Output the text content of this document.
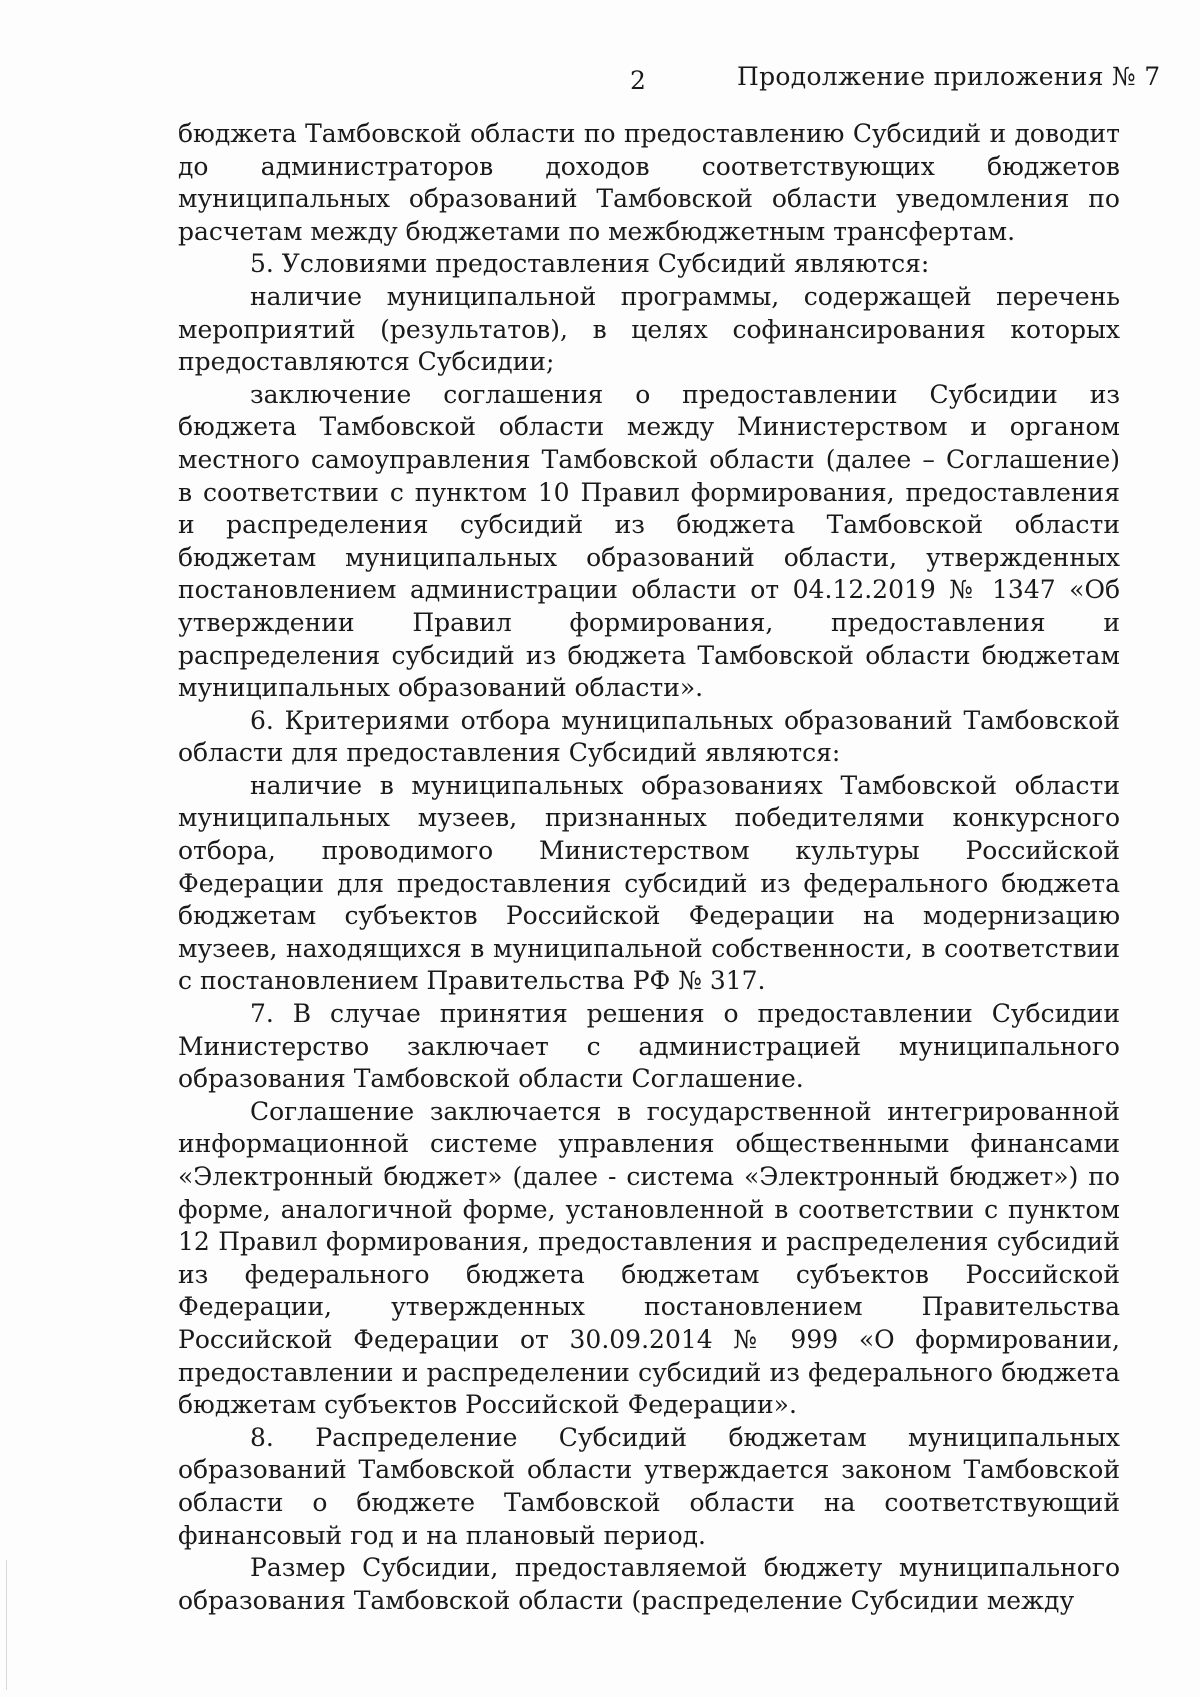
2	Продолжение приложения № 7

бюджета Тамбовской области по предоставлению Субсидий и доводит до администраторов доходов соответствующих бюджетов муниципальных образований Тамбовской области уведомления по расчетам между бюджетами по межбюджетным трансфертам.

5. Условиями предоставления Субсидий являются:

наличие муниципальной программы, содержащей перечень мероприятий (результатов), в целях софинансирования которых предоставляются Субсидии;

заключение соглашения о предоставлении Субсидии из бюджета Тамбовской области между Министерством и органом местного самоуправления Тамбовской области (далее – Соглашение) в соответствии с пунктом 10 Правил формирования, предоставления и распределения субсидий из бюджета Тамбовской области бюджетам муниципальных образований области, утвержденных постановлением администрации области от 04.12.2019 № 1347 «Об утверждении Правил формирования, предоставления и распределения субсидий из бюджета Тамбовской области бюджетам муниципальных образований области».

6. Критериями отбора муниципальных образований Тамбовской области для предоставления Субсидий являются:

наличие в муниципальных образованиях Тамбовской области муниципальных музеев, признанных победителями конкурсного отбора, проводимого Министерством культуры Российской Федерации для предоставления субсидий из федерального бюджета бюджетам субъектов Российской Федерации на модернизацию музеев, находящихся в муниципальной собственности, в соответствии с постановлением Правительства РФ № 317.

7. В случае принятия решения о предоставлении Субсидии Министерство заключает с администрацией муниципального образования Тамбовской области Соглашение.

Соглашение заключается в государственной интегрированной информационной системе управления общественными финансами «Электронный бюджет» (далее - система «Электронный бюджет») по форме, аналогичной форме, установленной в соответствии с пунктом 12 Правил формирования, предоставления и распределения субсидий из федерального бюджета бюджетам субъектов Российской Федерации, утвержденных постановлением Правительства Российской Федерации от 30.09.2014 № 999 «О формировании, предоставлении и распределении субсидий из федерального бюджета бюджетам субъектов Российской Федерации».

8. Распределение Субсидий бюджетам муниципальных образований Тамбовской области утверждается законом Тамбовской области о бюджете Тамбовской области на соответствующий финансовый год и на плановый период.

Размер Субсидии, предоставляемой бюджету муниципального образования Тамбовской области (распределение Субсидии между
